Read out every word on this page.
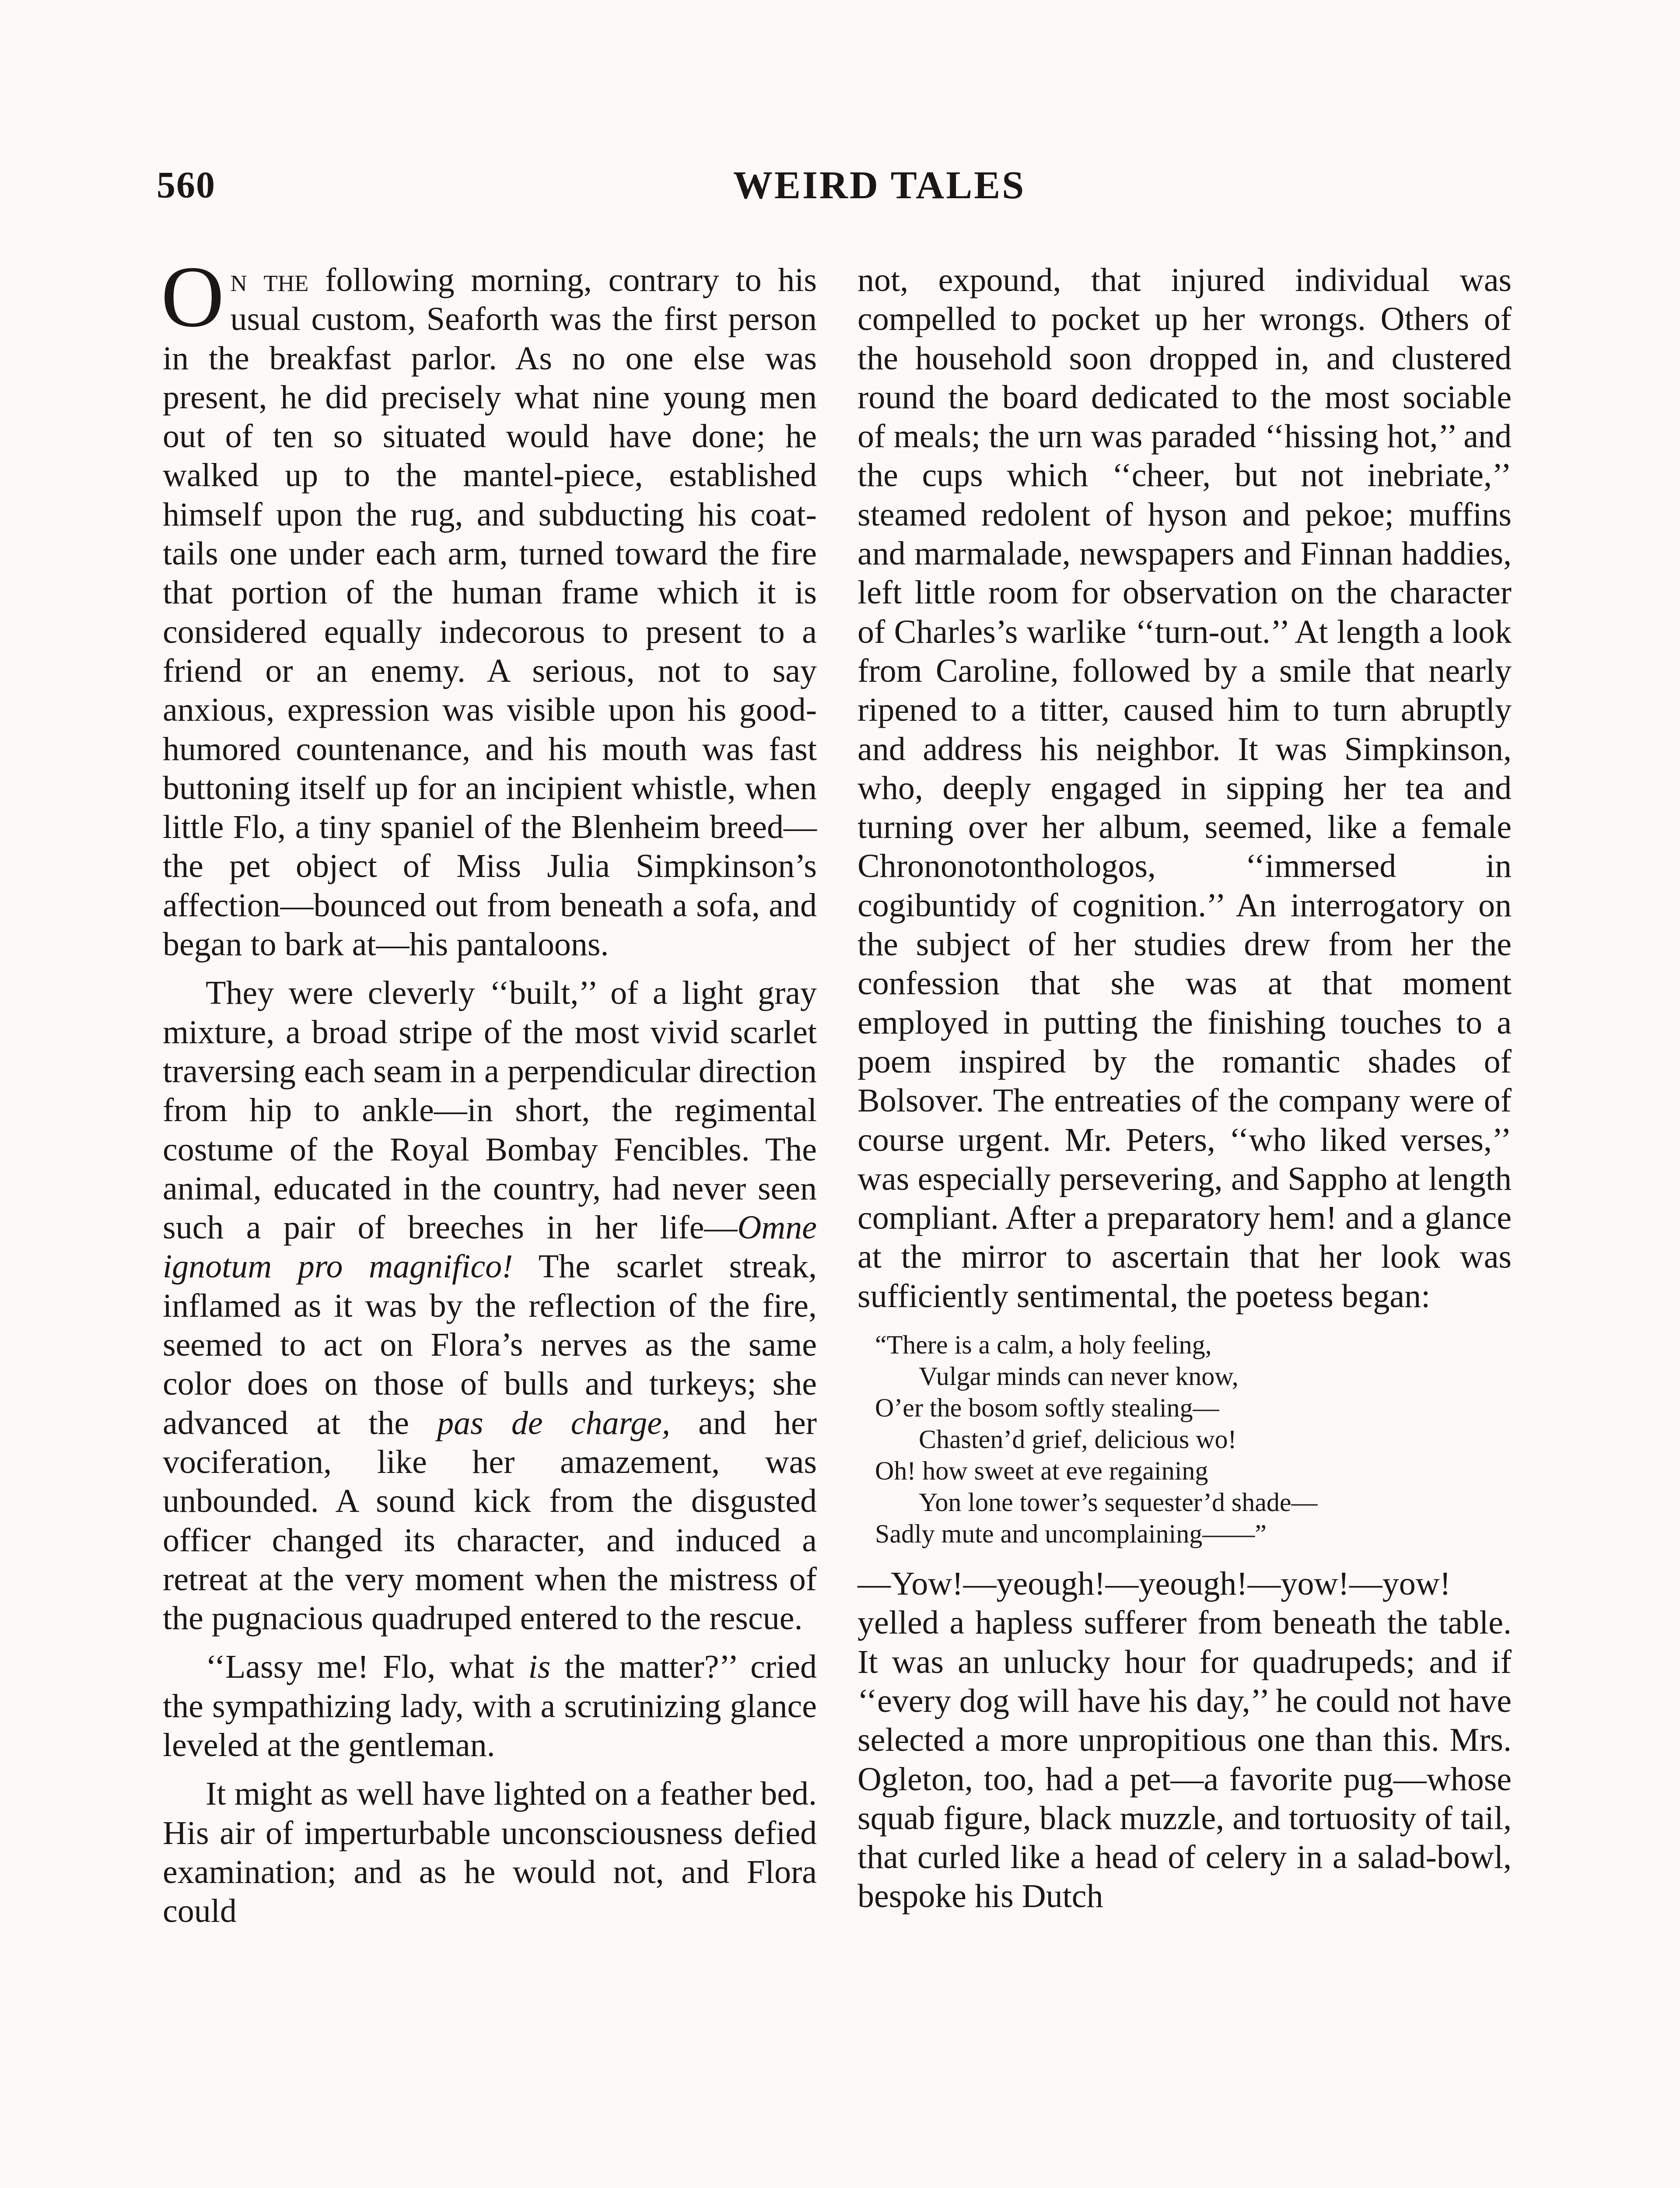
560	WEIRD TALES

On the following morning, contrary to his usual custom, Seaforth was the first person in the breakfast parlor. As no one else was present, he did precisely what nine young men out of ten so situated would have done; he walked up to the mantel-piece, established himself upon the rug, and subducting his coat-tails one under each arm, turned toward the fire that portion of the human frame which it is considered equally indecorous to present to a friend or an enemy. A serious, not to say anxious, expression was visible upon his good-humored countenance, and his mouth was fast buttoning itself up for an incipient whistle, when little Flo, a tiny spaniel of the Blenheim breed—the pet object of Miss Julia Simpkinson’s affection—bounced out from beneath a sofa, and began to bark at—his pantaloons.

They were cleverly ‘‘built,’’ of a light gray mixture, a broad stripe of the most vivid scarlet traversing each seam in a perpendicular direction from hip to ankle—in short, the regimental costume of the Royal Bombay Fencibles. The animal, educated in the country, had never seen such a pair of breeches in her life—Omne ignotum pro magnifico! The scarlet streak, inflamed as it was by the reflection of the fire, seemed to act on Flora’s nerves as the same color does on those of bulls and turkeys; she advanced at the pas de charge, and her vociferation, like her amazement, was unbounded. A sound kick from the disgusted officer changed its character, and induced a retreat at the very moment when the mistress of the pugnacious quadruped entered to the rescue.

‘‘Lassy me! Flo, what is the matter?’’ cried the sympathizing lady, with a scrutinizing glance leveled at the gentleman.

It might as well have lighted on a feather bed. His air of imperturbable unconsciousness defied examination; and as he would not, and Flora could

not, expound, that injured individual was compelled to pocket up her wrongs. Others of the household soon dropped in, and clustered round the board dedicated to the most sociable of meals; the urn was paraded ‘‘hissing hot,’’ and the cups which ‘‘cheer, but not inebriate,’’ steamed redolent of hyson and pekoe; muffins and marmalade, newspapers and Finnan haddies, left little room for observation on the character of Charles’s warlike ‘‘turn-out.’’ At length a look from Caroline, followed by a smile that nearly ripened to a titter, caused him to turn abruptly and address his neighbor. It was Simpkinson, who, deeply engaged in sipping her tea and turning over her album, seemed, like a female Chrononotonthologos, ‘‘immersed in cogibuntidy of cognition.’’ An interrogatory on the subject of her studies drew from her the confession that she was at that moment employed in putting the finishing touches to a poem inspired by the romantic shades of Bolsover. The entreaties of the company were of course urgent. Mr. Peters, ‘‘who liked verses,’’ was especially persevering, and Sappho at length compliant. After a preparatory hem! and a glance at the mirror to ascertain that her look was sufficiently sentimental, the poetess began:

“There is a calm, a holy feeling,
Vulgar minds can never know,
O’er the bosom softly stealing—
Chasten’d grief, delicious wo!
Oh! how sweet at eve regaining
Yon lone tower’s sequester’d shade—
Sadly mute and uncomplaining——”

—Yow!—yeough!—yeough!—yow!—yow! yelled a hapless sufferer from beneath the table. It was an unlucky hour for quadrupeds; and if ‘‘every dog will have his day,’’ he could not have selected a more unpropitious one than this. Mrs. Ogleton, too, had a pet—a favorite pug—whose squab figure, black muzzle, and tortuosity of tail, that curled like a head of celery in a salad-bowl, bespoke his Dutch
